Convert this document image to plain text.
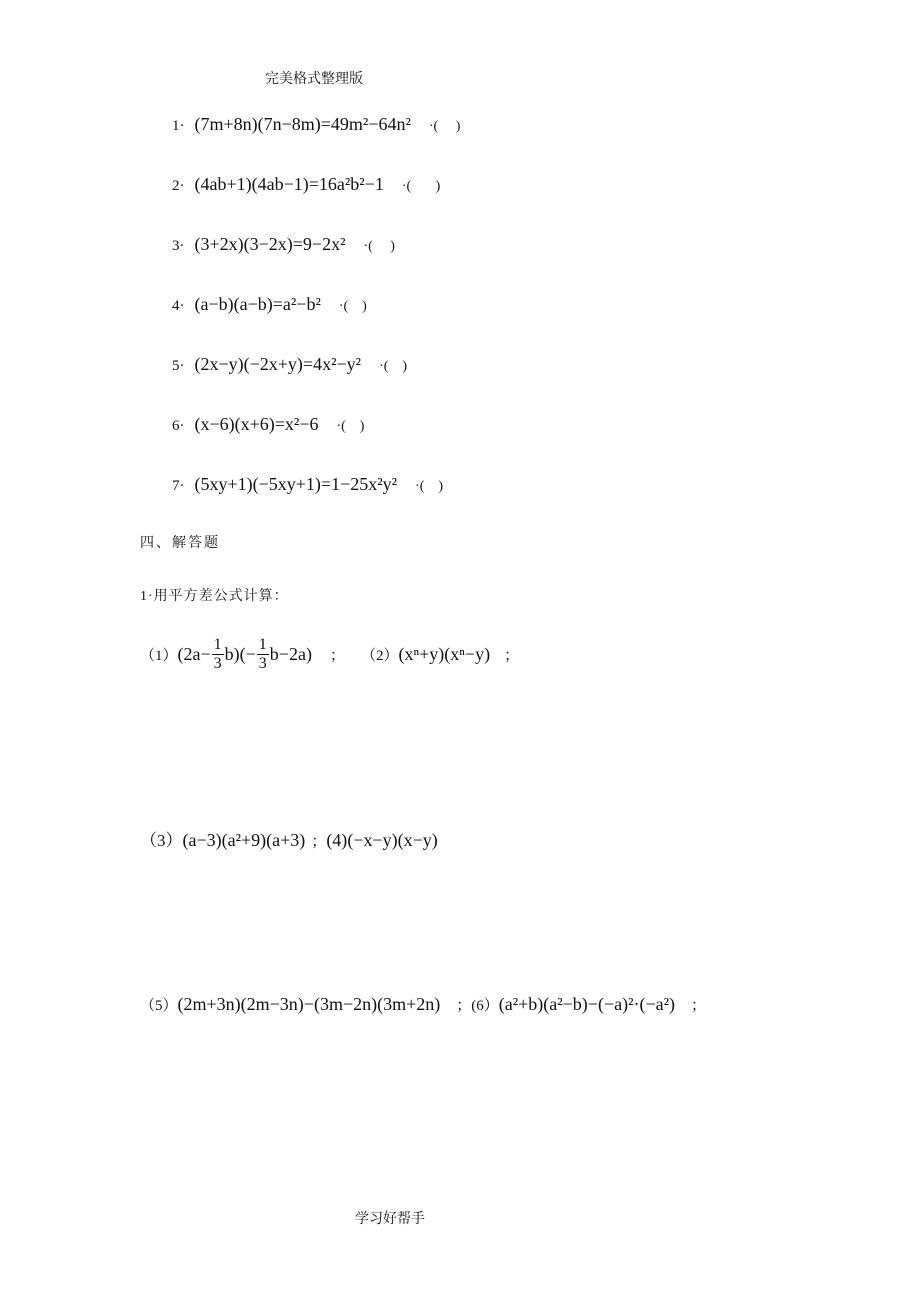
完美格式整理版
1· (7m+8n)(7n−8m)=49m²−64n² ·(     )
2· (4ab+1)(4ab−1)=16a²b²−1 ·(       )
3· (3+2x)(3−2x)=9−2x² ·(     )
4· (a−b)(a−b)=a²−b² ·(    )
5· (2x−y)(−2x+y)=4x²−y² ·(    )
6· (x−6)(x+6)=x²−6 ·(    )
7· (5xy+1)(−5xy+1)=1−25x²y² ·(    )
四、解答题
1·用平方差公式计算：
（1） $(2a- \frac{1}{3} b)(- \frac{1}{3} b-2a)$ ； （2） (xⁿ+y)(xⁿ−y) ；
（3） (a−3)(a²+9)(a+3) ； (4) (−x−y)(x−y)
（5） (2m+3n)(2m−3n)−(3m−2n)(3m+2n) ； (6） (a²+b)(a²−b)−(−a)²·(−a²) ；
学习好帮手
